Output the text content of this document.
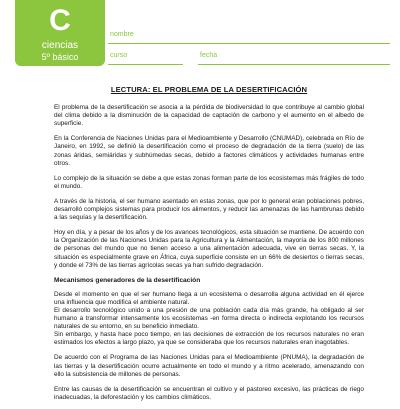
C
ciencias
5º básico
nombre
curso	fecha
LECTURA: EL PROBLEMA DE LA DESERTIFICACIÓN

El problema de la desertificación se asocia a la pérdida de biodiversidad lo que contribuye al cambio global del clima debido a la disminución de la capacidad de captación de carbono y el aumento en el albedo de superficie.

En la Conferencia de Naciones Unidas para el Medioambiente y Desarrollo (CNUMAD), celebrada en Río de Janeiro, en 1992, se definió la desertificación como el proceso de degradación de la tierra (suelo) de las zonas áridas, semiáridas y subhúmedas secas, debido a factores climáticos y actividades humanas entre otros.

Lo complejo de la situación se debe a que estas zonas forman parte de los ecosistemas más frágiles de todo el mundo.

A través de la historia, el ser humano asentado en estas zonas, que por lo general eran poblaciones pobres, desarrolló complejos sistemas para producir los alimentos, y reducir las amenazas de las hambrunas debido a las sequías y la desertificación.

Hoy en día, y a pesar de los años y de los avances tecnológicos, esta situación se mantiene. De acuerdo con la Organización de las Naciones Unidas para la Agricultura y la Alimentación, la mayoría de los 800 millones de personas del mundo que no tienen acceso a una alimentación adecuada, vive en tierras secas. Y, la situación es especialmente grave en África, cuya superficie consiste en un 66% de desiertos o tierras secas, y donde el 73% de las tierras agrícolas secas ya han sufrido degradación.

Mecanismos generadores de la desertificación

Desde el momento en que el ser humano llega a un ecosistema o desarrolla alguna actividad en él ejerce una influencia que modifica el ambiente natural.

El desarrollo tecnológico unido a una presión de una población cada día más grande, ha obligado al ser humano a transformar intensamente los ecosistemas -en forma directa o indirecta explotando los recursos naturales de su entorno, en su beneficio inmediato.

Sin embargo, y hasta hace poco tiempo, en las decisiones de extracción de los recursos naturales no eran estimados los efectos a largo plazo, ya que se consideraba que los recursos naturales eran inagotables.

De acuerdo con el Programa de las Naciones Unidas para el Medioambiente (PNUMA), la degradación de las tierras y la desertificación ocurre actualmente en todo el mundo y a ritmo acelerado, amenazando con ello la subsistencia de millones de personas.

Entre las causas de la desertificación se encuentran el cultivo y el pastoreo excesivo, las prácticas de riego inadecuadas, la deforestación y los cambios climáticos.
